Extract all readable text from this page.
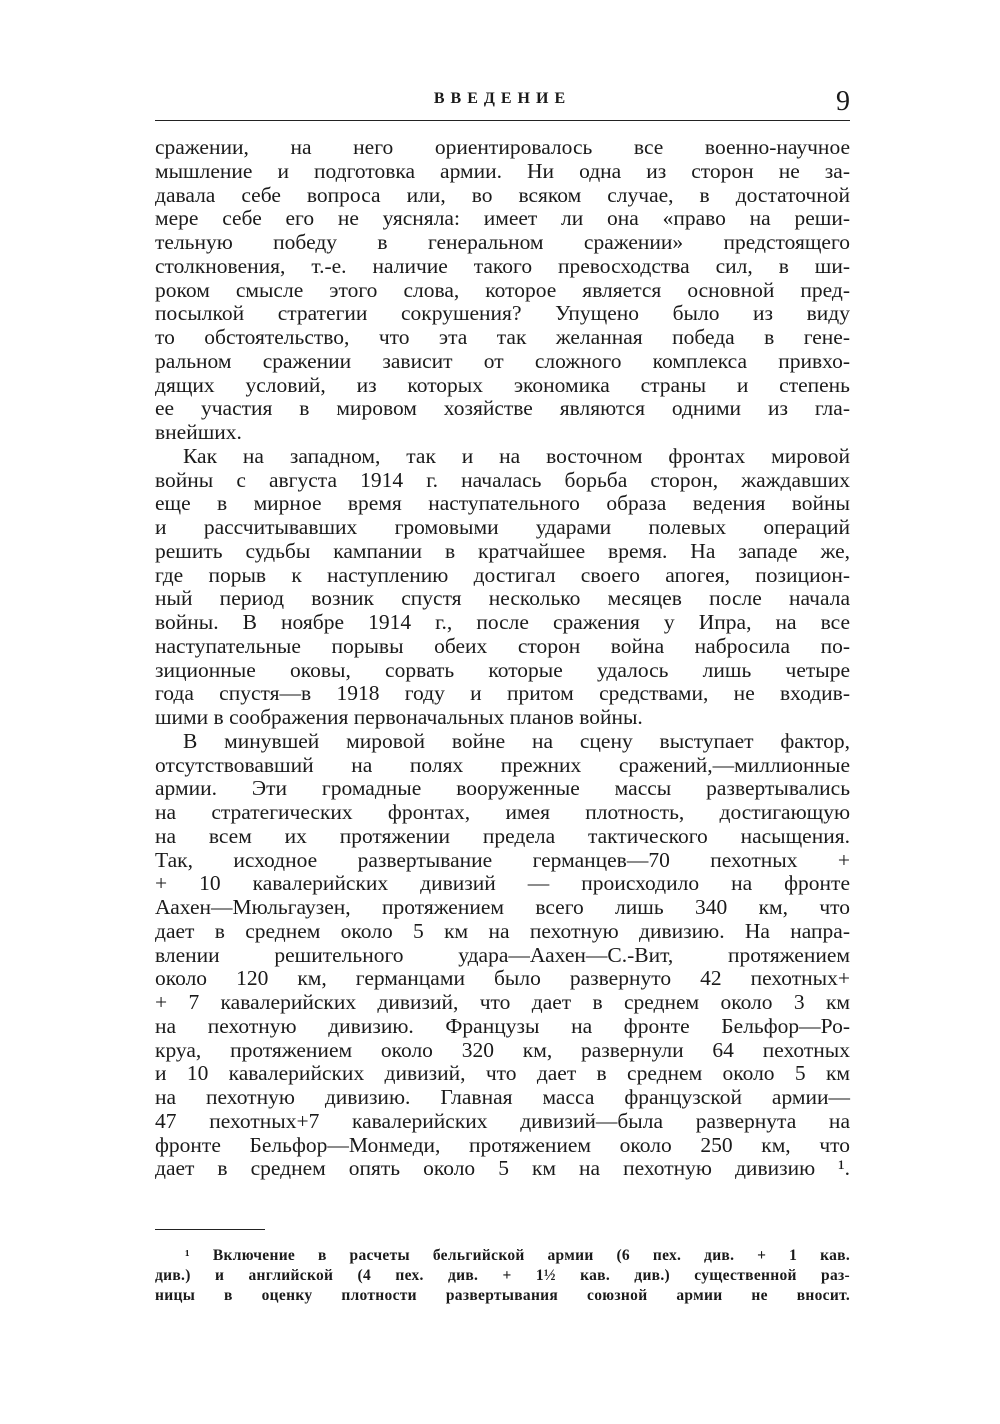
ВВЕДЕНИЕ	9
сражении, на него ориентировалось все военно-научное
мышление и подготовка армии. Ни одна из сторон не за-
давала себе вопроса или, во всяком случае, в достаточной
мере себе его не уясняла: имеет ли она «право на реши-
тельную победу в генеральном сражении» предстоящего
столкновения, т.-е. наличие такого превосходства сил, в ши-
роком смысле этого слова, которое является основной пред-
посылкой стратегии сокрушения? Упущено было из виду
то обстоятельство, что эта так желанная победа в гене-
ральном сражении зависит от сложного комплекса привхо-
дящих условий, из которых экономика страны и степень
ее участия в мировом хозяйстве являются одними из гла-
внейших.
Как на западном, так и на восточном фронтах мировой
войны с августа 1914 г. началась борьба сторон, жаждавших
еще в мирное время наступательного образа ведения войны
и рассчитывавших громовыми ударами полевых операций
решить судьбы кампании в кратчайшее время. На западе же,
где порыв к наступлению достигал своего апогея, позицион-
ный период возник спустя несколько месяцев после начала
войны. В ноябре 1914 г., после сражения у Ипра, на все
наступательные порывы обеих сторон война набросила по-
зиционные оковы, сорвать которые удалось лишь четыре
года спустя—в 1918 году и притом средствами, не входив-
шими в соображения первоначальных планов войны.
В минувшей мировой войне на сцену выступает фактор,
отсутствовавший на полях прежних сражений,—миллионные
армии. Эти громадные вооруженные массы развертывались
на стратегических фронтах, имея плотность, достигающую
на всем их протяжении предела тактического насыщения.
Так, исходное развертывание германцев—70 пехотных +
+ 10 кавалерийских дивизий — происходило на фронте
Аахен—Мюльгаузен, протяжением всего лишь 340 км, что
дает в среднем около 5 км на пехотную дивизию. На напра-
влении решительного удара—Аахен—С.-Вит, протяжением
около 120 км, германцами было развернуто 42 пехотных+
+ 7 кавалерийских дивизий, что дает в среднем около 3 км
на пехотную дивизию. Французы на фронте Бельфор—Ро-
круа, протяжением около 320 км, развернули 64 пехотных
и 10 кавалерийских дивизий, что дает в среднем около 5 км
на пехотную дивизию. Главная масса французской армии—
47 пехотных+7 кавалерийских дивизий—была развернута на
фронте Бельфор—Монмеди, протяжением около 250 км, что
дает в среднем опять около 5 км на пехотную дивизию ¹.
¹ Включение в расчеты бельгийской армии (6 пех. див. + 1 кав.
див.) и английской (4 пех. див. + 1½ кав. див.) существенной раз-
ницы в оценку плотности развертывания союзной армии не вносит.
